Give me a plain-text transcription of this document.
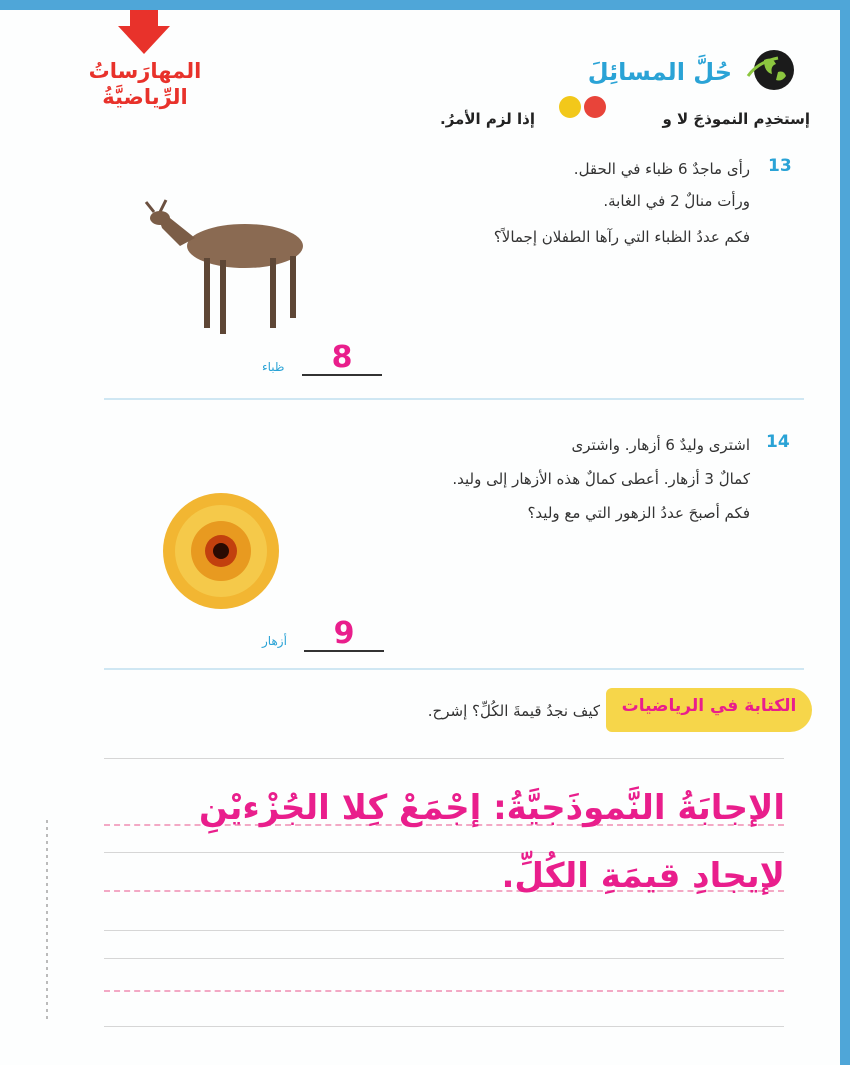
المهارَساتُ الرِّياضيَّةُ
حُلَّ المسائِلَ
إستخدِم النموذجَ لا و
إذا لزم الأمرُ.
13
رأى ماجدٌ 6 ظباء في الحقل.
ورأت منالٌ 2 في الغابة.
فكم عددُ الظباء التي رآها الطفلان إجمالاً؟
8
ظباء
14
اشترى وليدٌ 6 أزهار. واشترى
كمالٌ 3 أزهار. أعطى كمالٌ هذه الأزهار إلى وليد.
فكم أصبحَ عددُ الزهور التي مع وليد؟
9
أزهار
الكتابة في الرياضيات
كيف نجدُ قيمةَ الكُلِّ؟ إشرح.
الإجابَةُ النَّموذَجيَّةُ: إجْمَعْ كِلا الجُزْءيْنِ
لإيجادِ قيمَةِ الكُلِّ.
